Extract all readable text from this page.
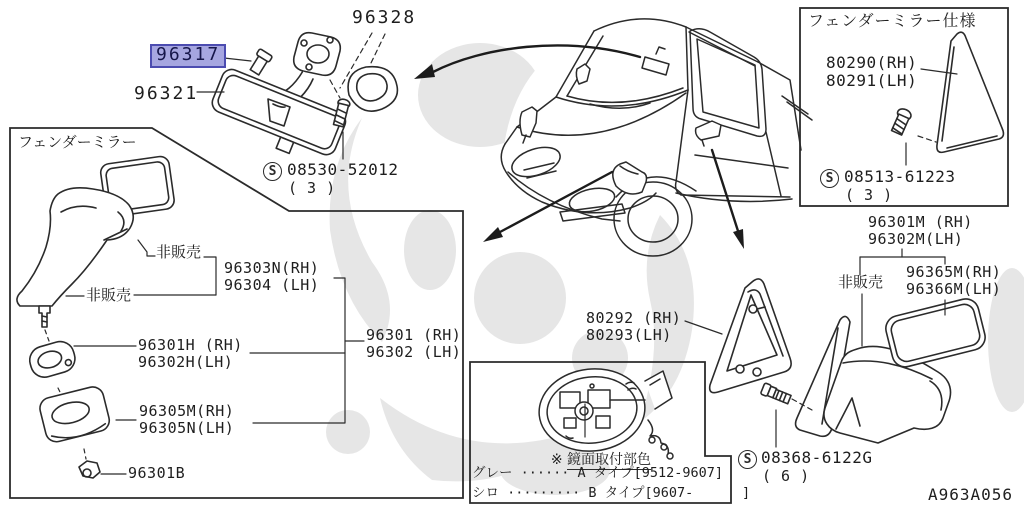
96328
96317
96321
S 08530-52012
( 3 )
フェンダーミラー
非販売
96303N(RH)
96304 (LH)
非販売
96301H (RH)
96302H(LH)
96305M(RH)
96305N(LH)
96301B
96301 (RH)
96302 (LH)
フェンダーミラー仕様
80290(RH)
80291(LH)
S 08513-61223
( 3 )
96301M (RH)
96302M(LH)
非販売
96365M(RH)
96366M(LH)
80292 (RH)
80293(LH)
S 08368-6122G
( 6 )

※ 鏡面取付部色

グレー ······ A タイプ[9512-9607]
シロ ········· B タイプ[9607-      ]	A963A056
